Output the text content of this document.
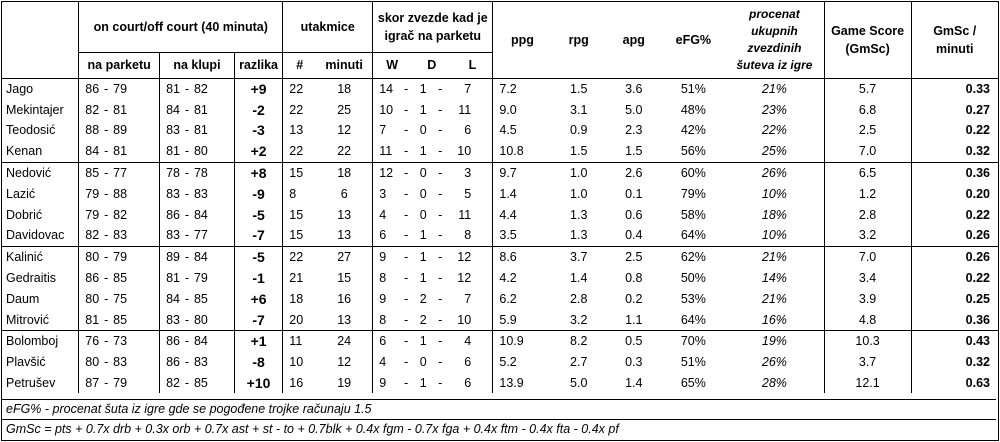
	on court/off court (40 minuta)			utakmice		skor zvezde kad je igrač na parketu			ppg	rpg	apg	eFG%	procenat ukupnih zvezdinih šuteva iz igre	Game Score (GmSc)	GmSc / minuti
	na parketu	na klupi	razlika	#	minuti	W	D	L							
Jago	86 - 79	81 - 82	+9	22	18	14 - 1 - 7			7.2	1.5	3.6	51%	21%	5.7	0.33
Mekintajer	82 - 81	84 - 81	-2	22	25	10 - 1 - 11			9.0	3.1	5.0	48%	23%	6.8	0.27
Teodosić	88 - 89	83 - 81	-3	13	12	7 - 0 - 6			4.5	0.9	2.3	42%	22%	2.5	0.22
Kenan	84 - 81	81 - 80	+2	22	22	11 - 1 - 10			10.8	1.5	1.5	56%	25%	7.0	0.32
Nedović	85 - 77	78 - 78	+8	15	18	12 - 0 - 3			9.7	1.0	2.6	60%	26%	6.5	0.36
Lazić	79 - 88	83 - 83	-9	8	6	3 - 0 - 5			1.4	1.0	0.1	79%	10%	1.2	0.20
Dobrić	79 - 82	86 - 84	-5	15	13	4 - 0 - 11			4.4	1.3	0.6	58%	18%	2.8	0.22
Davidovac	82 - 83	83 - 77	-7	15	13	6 - 1 - 8			3.5	1.3	0.4	64%	10%	3.2	0.26
Kalinić	80 - 79	89 - 84	-5	22	27	9 - 1 - 12			8.6	3.7	2.5	62%	21%	7.0	0.26
Gedraitis	86 - 85	81 - 79	-1	21	15	8 - 1 - 12			4.2	1.4	0.8	50%	14%	3.4	0.22
Daum	80 - 75	84 - 85	+6	18	16	9 - 2 - 7			6.2	2.8	0.2	53%	21%	3.9	0.25
Mitrović	81 - 85	83 - 80	-7	20	13	8 - 2 - 10			5.9	3.2	1.1	64%	16%	4.8	0.36
Bolomboj	76 - 73	86 - 84	+1	11	24	6 - 1 - 4			10.9	8.2	0.5	70%	19%	10.3	0.43
Plavšić	80 - 83	86 - 83	-8	10	12	4 - 0 - 6			5.2	2.7	0.3	51%	26%	3.7	0.32
Petrušev	87 - 79	82 - 85	+10	16	19	9 - 1 - 6			13.9	5.0	1.4	65%	28%	12.1	0.63
eFG% - procenat šuta iz igre gde se pogođene trojke računaju 1.5
GmSc = pts + 0.7x drb + 0.3x orb + 0.7x ast + st - to + 0.7blk + 0.4x fgm - 0.7x fga + 0.4x ftm - 0.4x fta - 0.4x pf
